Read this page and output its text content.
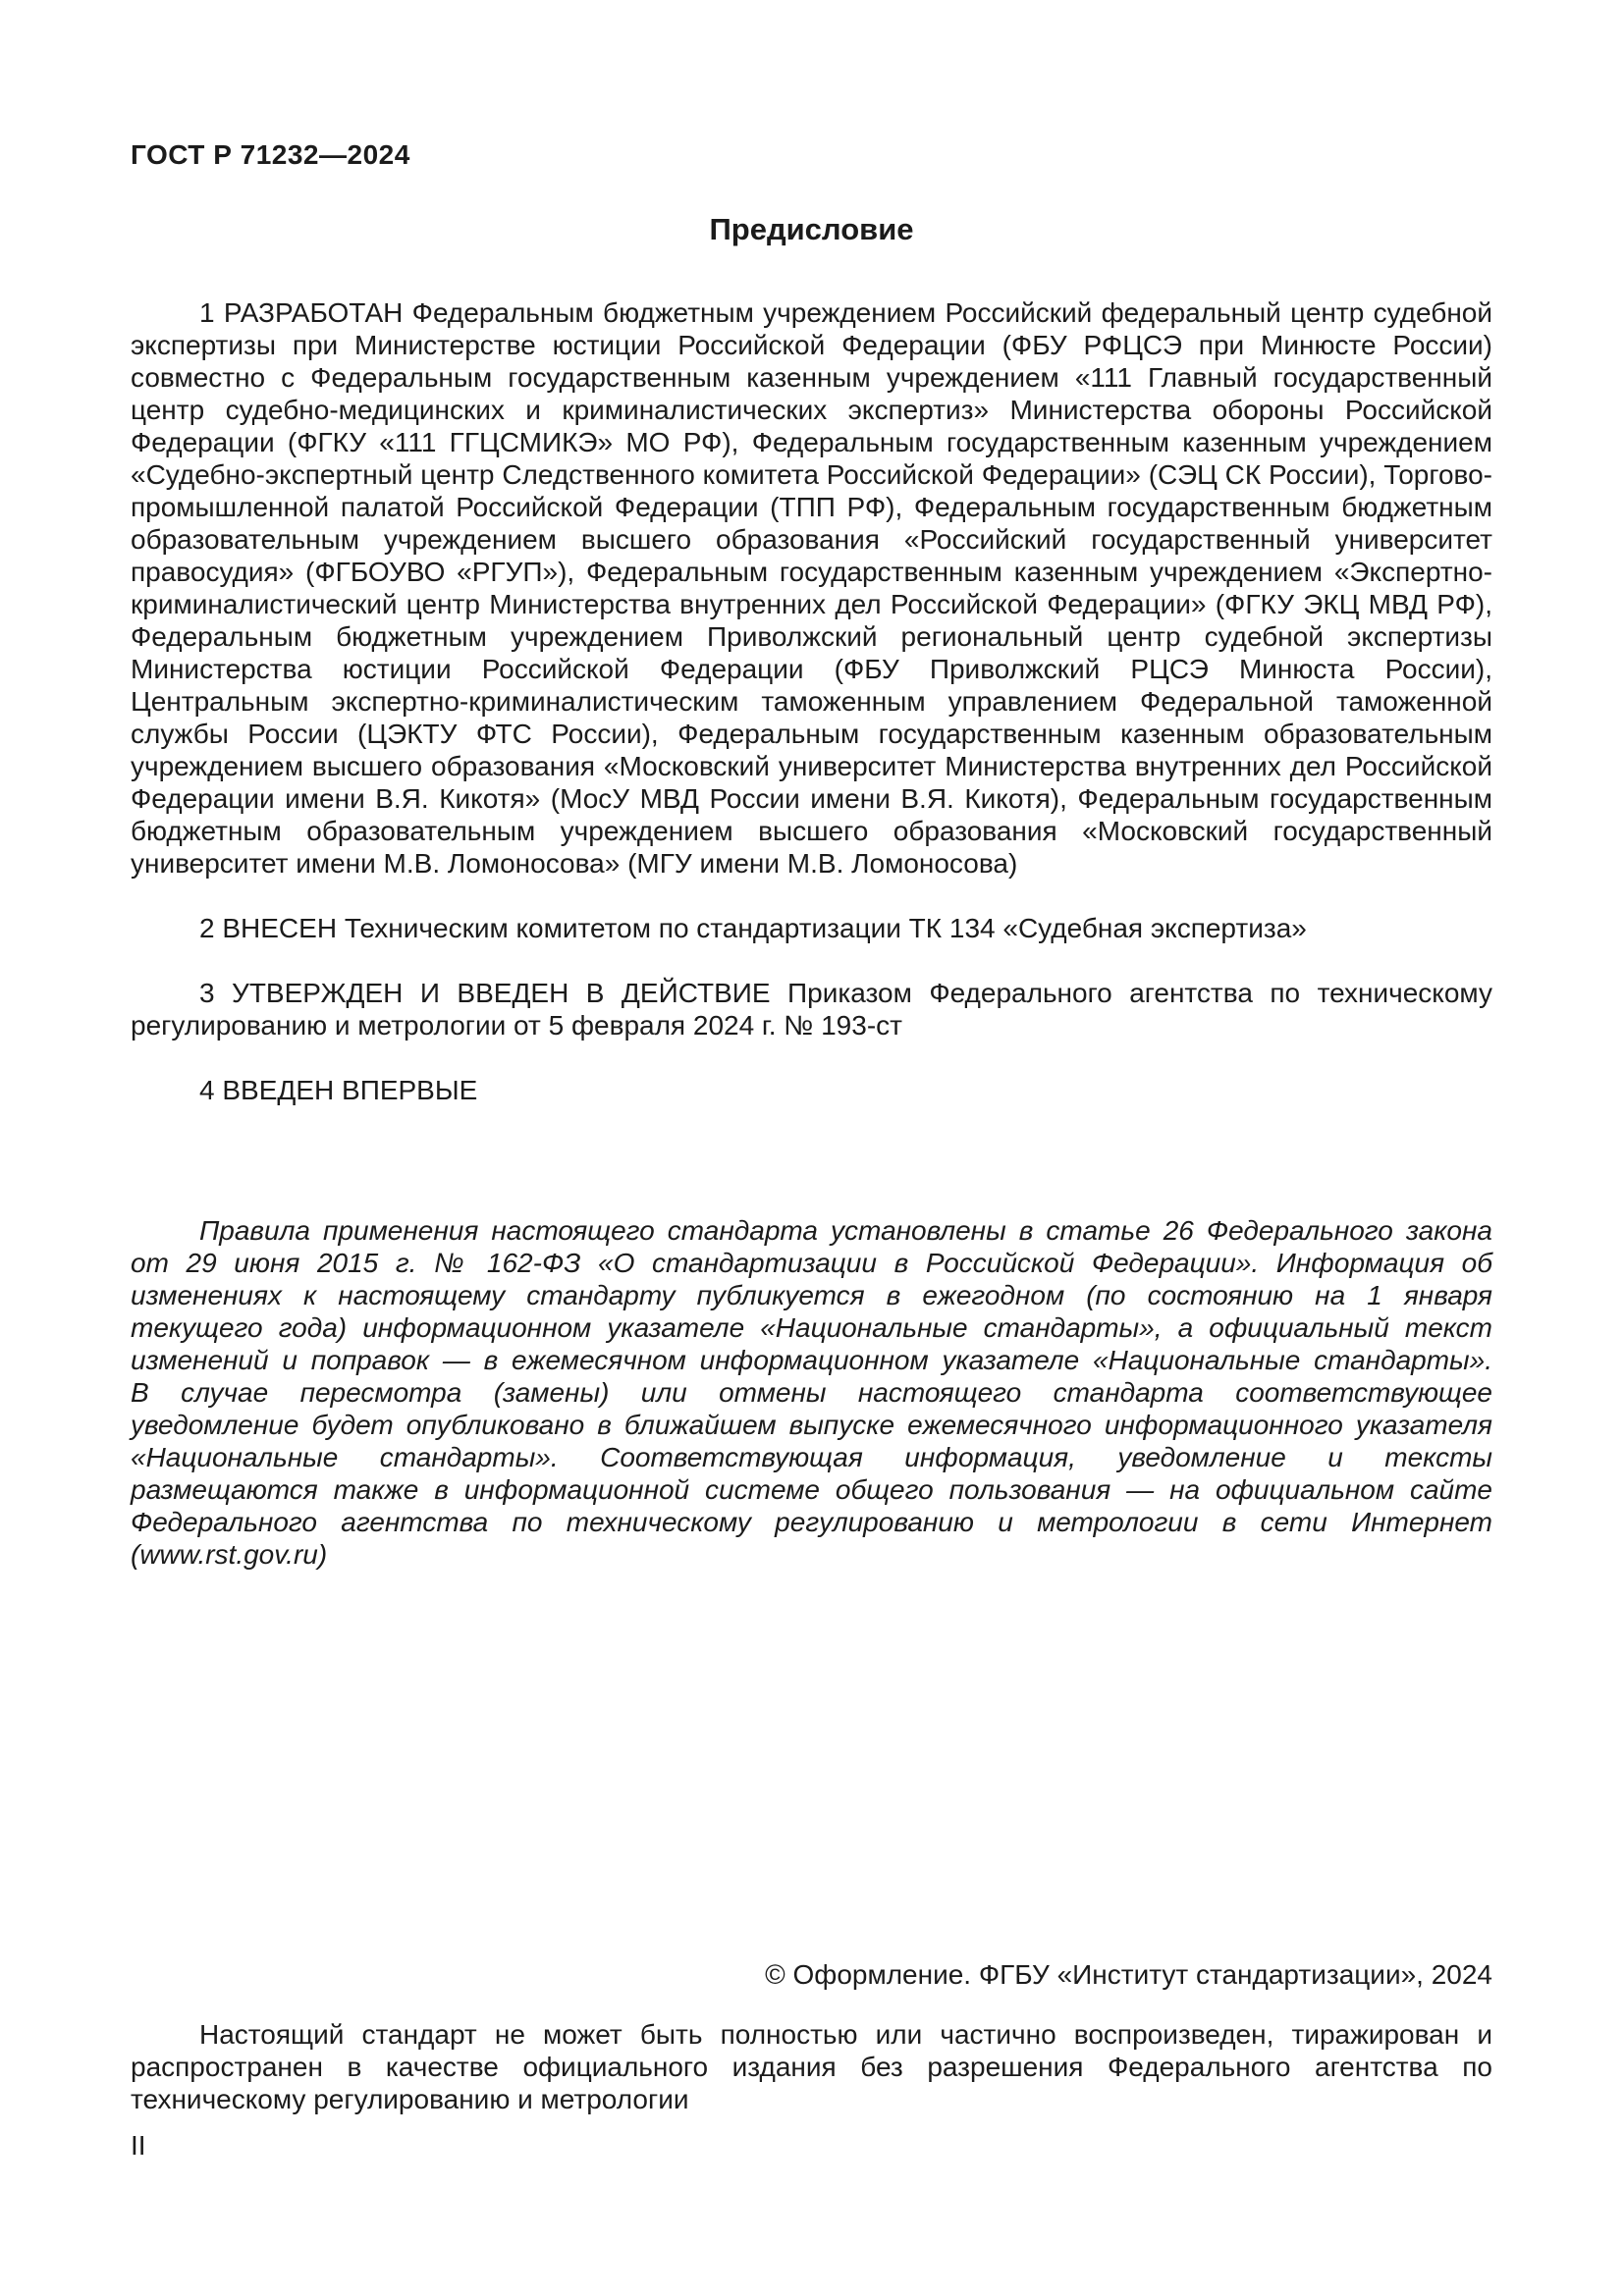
ГОСТ Р 71232—2024
Предисловие

1 РАЗРАБОТАН Федеральным бюджетным учреждением Российский федеральный центр судебной экспертизы при Министерстве юстиции Российской Федерации (ФБУ РФЦСЭ при Минюсте России) совместно с Федеральным государственным казенным учреждением «111 Главный государственный центр судебно-медицинских и криминалистических экспертиз» Министерства обороны Российской Федерации (ФГКУ «111 ГГЦСМИКЭ» МО РФ), Федеральным государственным казенным учреждением «Судебно-экспертный центр Следственного комитета Российской Федерации» (СЭЦ СК России), Торгово-промышленной палатой Российской Федерации (ТПП РФ), Федеральным государственным бюджетным образовательным учреждением высшего образования «Российский государственный университет правосудия» (ФГБОУВО «РГУП»), Федеральным государственным казенным учреждением «Экспертно-криминалистический центр Министерства внутренних дел Российской Федерации» (ФГКУ ЭКЦ МВД РФ), Федеральным бюджетным учреждением Приволжский региональный центр судебной экспертизы Министерства юстиции Российской Федерации (ФБУ Приволжский РЦСЭ Минюста России), Центральным экспертно-криминалистическим таможенным управлением Федеральной таможенной службы России (ЦЭКТУ ФТС России), Федеральным государственным казенным образовательным учреждением высшего образования «Московский университет Министерства внутренних дел Российской Федерации имени В.Я. Кикотя» (МосУ МВД России имени В.Я. Кикотя), Федеральным государственным бюджетным образовательным учреждением высшего образования «Московский государственный университет имени М.В. Ломоносова» (МГУ имени М.В. Ломоносова)

2 ВНЕСЕН Техническим комитетом по стандартизации ТК 134 «Судебная экспертиза»

3 УТВЕРЖДЕН И ВВЕДЕН В ДЕЙСТВИЕ Приказом Федерального агентства по техническому регулированию и метрологии от 5 февраля 2024 г. № 193-ст

4 ВВЕДЕН ВПЕРВЫЕ

Правила применения настоящего стандарта установлены в статье 26 Федерального закона от 29 июня 2015 г. № 162-ФЗ «О стандартизации в Российской Федерации». Информация об изменениях к настоящему стандарту публикуется в ежегодном (по состоянию на 1 января текущего года) информационном указателе «Национальные стандарты», а официальный текст изменений и поправок — в ежемесячном информационном указателе «Национальные стандарты». В случае пересмотра (замены) или отмены настоящего стандарта соответствующее уведомление будет опубликовано в ближайшем выпуске ежемесячного информационного указателя «Национальные стандарты». Соответствующая информация, уведомление и тексты размещаются также в информационной системе общего пользования — на официальном сайте Федерального агентства по техническому регулированию и метрологии в сети Интернет (www.rst.gov.ru)

© Оформление. ФГБУ «Институт стандартизации», 2024

Настоящий стандарт не может быть полностью или частично воспроизведен, тиражирован и распространен в качестве официального издания без разрешения Федерального агентства по техническому регулированию и метрологии

II
